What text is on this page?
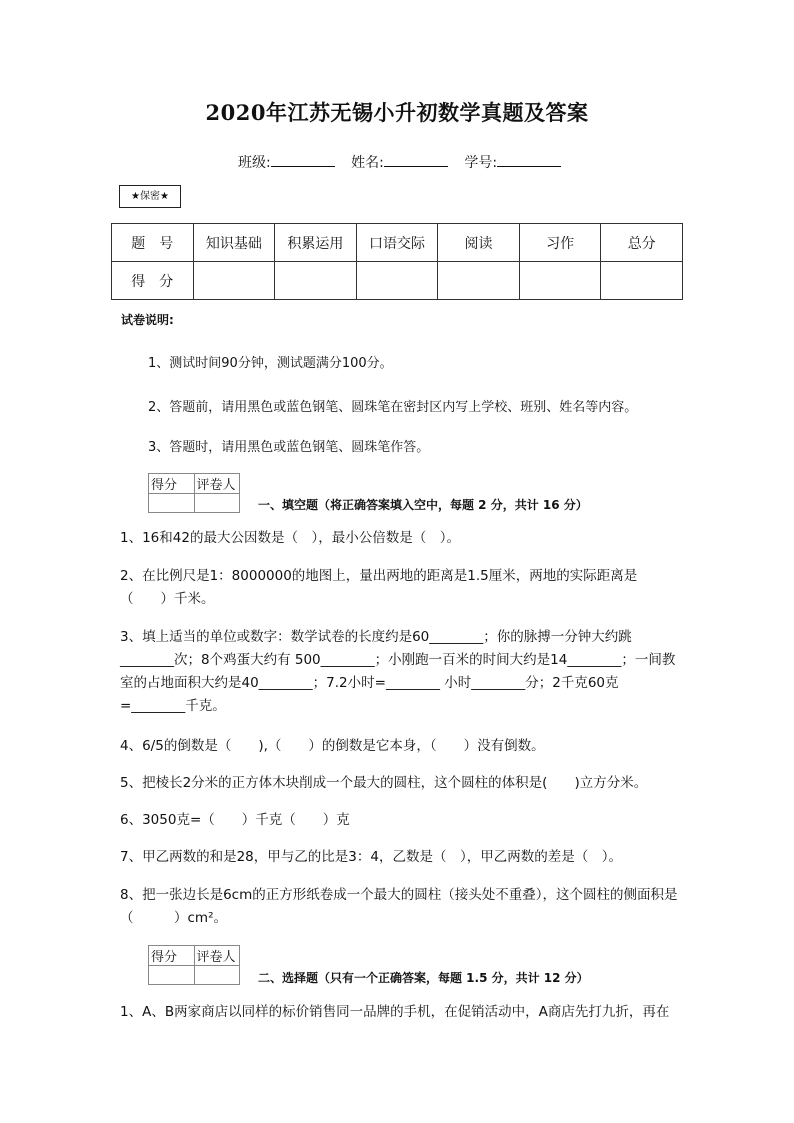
2020年江苏无锡小升初数学真题及答案
班级:	姓名:	学号:
★保密★
题　号	知识基础	积累运用	口语交际	阅读	习作	总分
得　分						
试卷说明:
1、测试时间90分钟，测试题满分100分。
2、答题前，请用黑色或蓝色钢笔、圆珠笔在密封区内写上学校、班别、姓名等内容。
3、答题时，请用黑色或蓝色钢笔、圆珠笔作答。
得分	评卷人

一、填空题（将正确答案填入空中，每题 2 分，共计 16 分）

1、16和42的最大公因数是（　），最小公倍数是（　）。

2、在比例尺是1：8000000的地图上，量出两地的距离是1.5厘米，两地的实际距离是（　　）千米。

3、填上适当的单位或数字：数学试卷的长度约是60________；你的脉搏一分钟大约跳________次；8个鸡蛋大约有 500________；小刚跑一百米的时间大约是14________；一间教室的占地面积大约是40________；7.2小时=________ 小时________分；2千克60克=________千克。

4、6/5的倒数是（　　),（　　）的倒数是它本身，（　　）没有倒数。

5、把棱长2分米的正方体木块削成一个最大的圆柱，这个圆柱的体积是(　　)立方分米。

6、3050克=（　　）千克（　　）克

7、甲乙两数的和是28，甲与乙的比是3：4，乙数是（　），甲乙两数的差是（　）。

8、把一张边长是6cm的正方形纸卷成一个最大的圆柱（接头处不重叠），这个圆柱的侧面积是（　　　）cm²。

得分	评卷人

二、选择题（只有一个正确答案，每题 1.5 分，共计 12 分）

1、A、B两家商店以同样的标价销售同一品牌的手机，在促销活动中，A商店先打九折，再在
